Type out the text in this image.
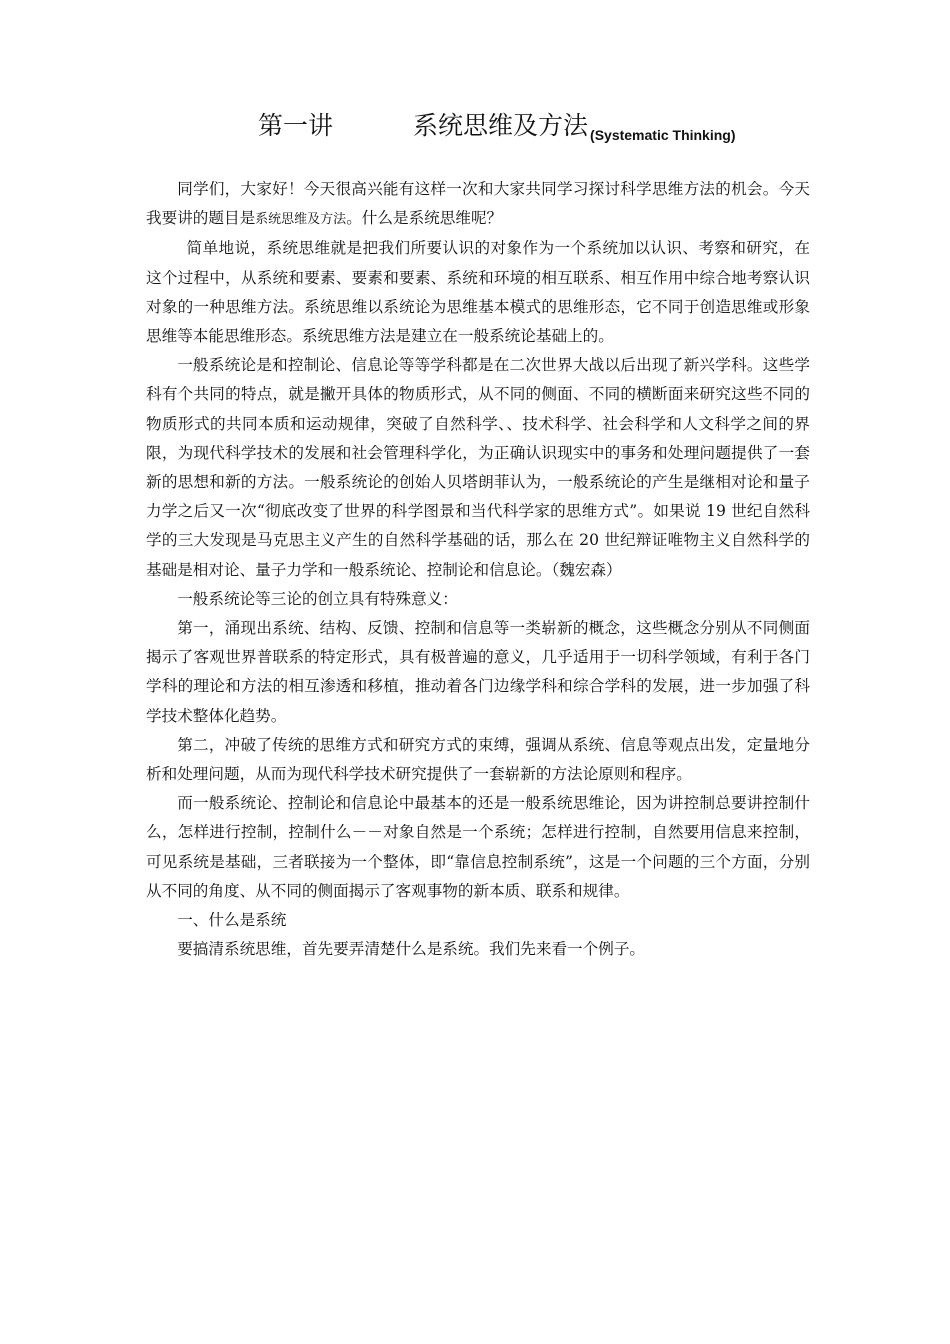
第一讲	系统思维及方法 (Systematic Thinking)

同学们，大家好！今天很高兴能有这样一次和大家共同学习探讨科学思维方法的机会。今天我要讲的题目是系统思维及方法。什么是系统思维呢？

简单地说，系统思维就是把我们所要认识的对象作为一个系统加以认识、考察和研究，在这个过程中，从系统和要素、要素和要素、系统和环境的相互联系、相互作用中综合地考察认识对象的一种思维方法。系统思维以系统论为思维基本模式的思维形态，它不同于创造思维或形象思维等本能思维形态。系统思维方法是建立在一般系统论基础上的。

一般系统论是和控制论、信息论等等学科都是在二次世界大战以后出现了新兴学科。这些学科有个共同的特点，就是撇开具体的物质形式，从不同的侧面、不同的横断面来研究这些不同的物质形式的共同本质和运动规律，突破了自然科学、、技术科学、社会科学和人文科学之间的界限，为现代科学技术的发展和社会管理科学化，为正确认识现实中的事务和处理问题提供了一套新的思想和新的方法。一般系统论的创始人贝塔朗菲认为，一般系统论的产生是继相对论和量子力学之后又一次“彻底改变了世界的科学图景和当代科学家的思维方式”。如果说 19 世纪自然科学的三大发现是马克思主义产生的自然科学基础的话，那么在 20 世纪辩证唯物主义自然科学的基础是相对论、量子力学和一般系统论、控制论和信息论。（魏宏森）

一般系统论等三论的创立具有特殊意义：

第一，涌现出系统、结构、反馈、控制和信息等一类崭新的概念，这些概念分别从不同侧面揭示了客观世界普联系的特定形式，具有极普遍的意义，几乎适用于一切科学领域，有利于各门学科的理论和方法的相互渗透和移植，推动着各门边缘学科和综合学科的发展，进一步加强了科学技术整体化趋势。

第二，冲破了传统的思维方式和研究方式的束缚，强调从系统、信息等观点出发，定量地分析和处理问题，从而为现代科学技术研究提供了一套崭新的方法论原则和程序。

而一般系统论、控制论和信息论中最基本的还是一般系统思维论，因为讲控制总要讲控制什么，怎样进行控制，控制什么－－对象自然是一个系统；怎样进行控制，自然要用信息来控制，可见系统是基础，三者联接为一个整体，即“靠信息控制系统”，这是一个问题的三个方面，分别从不同的角度、从不同的侧面揭示了客观事物的新本质、联系和规律。

一、什么是系统

要搞清系统思维，首先要弄清楚什么是系统。我们先来看一个例子。
